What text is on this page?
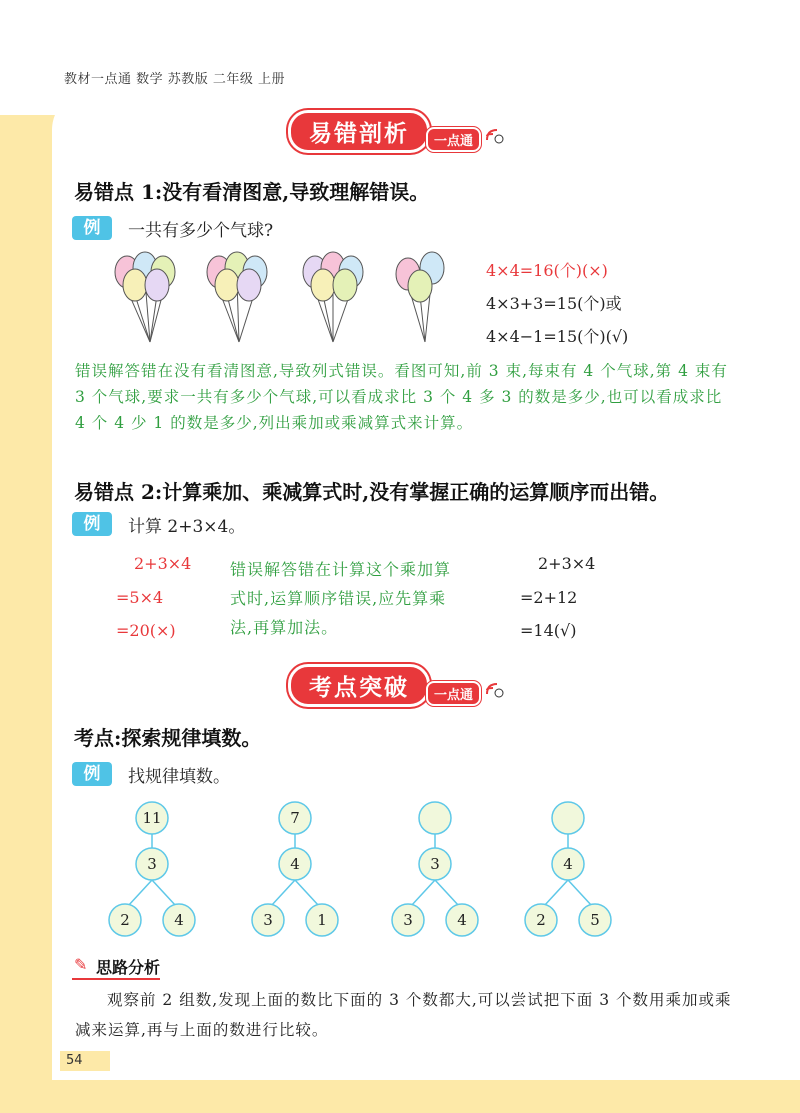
教材一点通 数学 苏教版 二年级 上册
易错剖析	一点通
易错点 1:没有看清图意,导致理解错误。
例	一共有多少个气球?
4×4=16(个)(×)
4×3+3=15(个)或
4×4−1=15(个)(√)
错误解答错在没有看清图意,导致列式错误。看图可知,前 3 束,每束有 4 个气球,第 4 束有 3 个气球,要求一共有多少个气球,可以看成求比 3 个 4 多 3 的数是多少,也可以看成求比 4 个 4 少 1 的数是多少,列出乘加或乘减算式来计算。
易错点 2:计算乘加、乘减算式时,没有掌握正确的运算顺序而出错。
例	计算 2+3×4。
2+3×4
=5×4
=20(×)
错误解答错在计算这个乘加算
式时,运算顺序错误,应先算乘
法,再算加法。
2+3×4
=2+12
=14(√)
考点突破	一点通
考点:探索规律填数。
例	找规律填数。
11
3
2	4
7
4
3	1
3
3	4
4
2	5
✎ 思路分析
观察前 2 组数,发现上面的数比下面的 3 个数都大,可以尝试把下面 3 个数用乘加或乘减来运算,再与上面的数进行比较。
54
